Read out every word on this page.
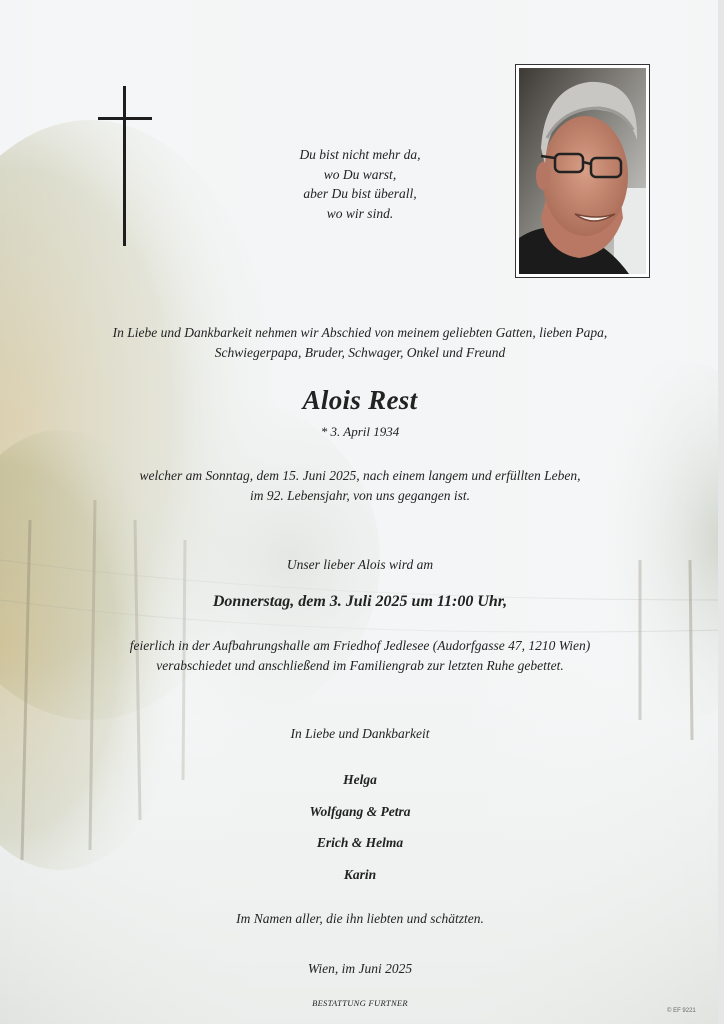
Du bist nicht mehr da,
wo Du warst,
aber Du bist überall,
wo wir sind.
In Liebe und Dankbarkeit nehmen wir Abschied von meinem geliebten Gatten, lieben Papa,
Schwiegerpapa, Bruder, Schwager, Onkel und Freund
Alois Rest
* 3. April 1934
welcher am Sonntag, dem 15. Juni 2025, nach einem langem und erfüllten Leben,
im 92. Lebensjahr, von uns gegangen ist.
Unser lieber Alois wird am
Donnerstag, dem 3. Juli 2025 um 11:00 Uhr,
feierlich in der Aufbahrungshalle am Friedhof Jedlesee (Audorfgasse 47, 1210 Wien)
verabschiedet und anschließend im Familiengrab zur letzten Ruhe gebettet.
In Liebe und Dankbarkeit
Helga
Wolfgang & Petra
Erich & Helma
Karin
Im Namen aller, die ihn liebten und schätzten.
Wien, im Juni 2025
BESTATTUNG FURTNER
© EF 9221
